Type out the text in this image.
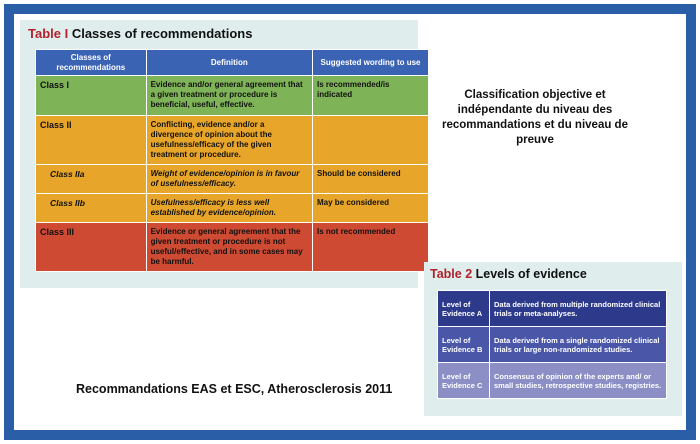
Table I Classes of recommendations
Classes of recommendations	Definition	Suggested wording to use
Class I	Evidence and/or general agreement that a given treatment or procedure is beneficial, useful, effective.	Is recommended/is indicated
Class II	Conflicting, evidence and/or a divergence of opinion about the usefulness/efficacy of the given treatment or procedure.	
Class IIa	Weight of evidence/opinion is in favour of usefulness/efficacy.	Should be considered
Class IIb	Usefulness/efficacy is less well established by evidence/opinion.	May be considered
Class III	Evidence or general agreement that the given treatment or procedure is not useful/effective, and in some cases may be harmful.	Is not recommended
Classification objective et indépendante du niveau des recommandations et du niveau de preuve
Recommandations EAS et ESC, Atherosclerosis 2011
Table 2 Levels of evidence
Level of Evidence A	Data derived from multiple randomized clinical trials or meta-analyses.
Level of Evidence B	Data derived from a single randomized clinical trials or large non-randomized studies.
Level of Evidence C	Consensus of opinion of the experts and/ or small studies, retrospective studies, registries.
